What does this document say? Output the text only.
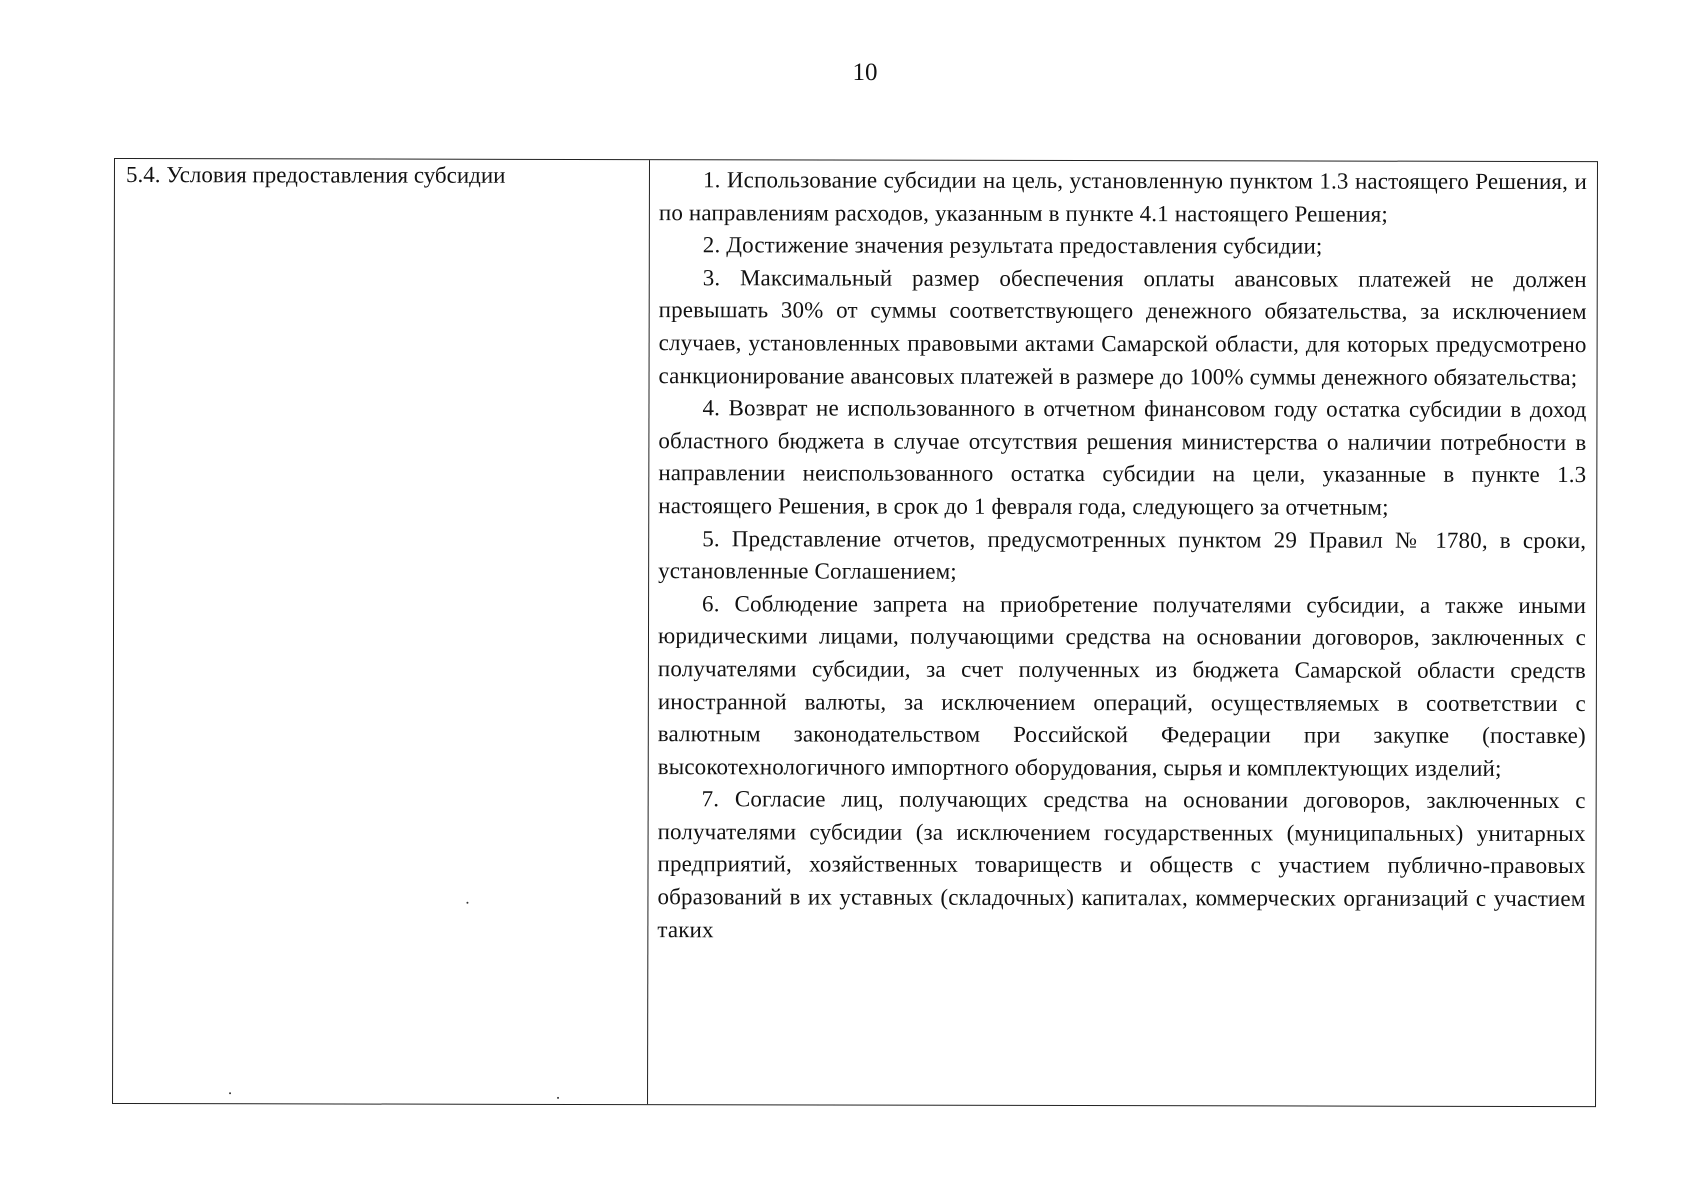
10
5.4. Условия предоставления субсидии	1. Использование субсидии на цель, установленную пунктом 1.3 настоящего Решения, и по направлениям расходов, указанным в пункте 4.1 настоящего Решения;

2. Достижение значения результата предоставления субсидии;

3. Максимальный размер обеспечения оплаты авансовых платежей не должен превышать 30% от суммы соответствующего денежного обязательства, за исключением случаев, установленных правовыми актами Самарской области, для которых предусмотрено санкционирование авансовых платежей в размере до 100% суммы денежного обязательства;

4. Возврат не использованного в отчетном финансовом году остатка субсидии в доход областного бюджета в случае отсутствия решения министерства о наличии потребности в направлении неиспользованного остатка субсидии на цели, указанные в пункте 1.3 настоящего Решения, в срок до 1 февраля года, следующего за отчетным;

5. Представление отчетов, предусмотренных пунктом 29 Правил № 1780, в сроки, установленные Соглашением;

6. Соблюдение запрета на приобретение получателями субсидии, а также иными юридическими лицами, получающими средства на основании договоров, заключенных с получателями субсидии, за счет полученных из бюджета Самарской области средств иностранной валюты, за исключением операций, осуществляемых в соответствии с валютным законодательством Российской Федерации при закупке (поставке) высокотехнологичного импортного оборудования, сырья и комплектующих изделий;

7. Согласие лиц, получающих средства на основании договоров, заключенных с получателями субсидии (за исключением государственных (муниципальных) унитарных предприятий, хозяйственных товариществ и обществ с участием публично-правовых образований в их уставных (складочных) капиталах, коммерческих организаций с участием таких
